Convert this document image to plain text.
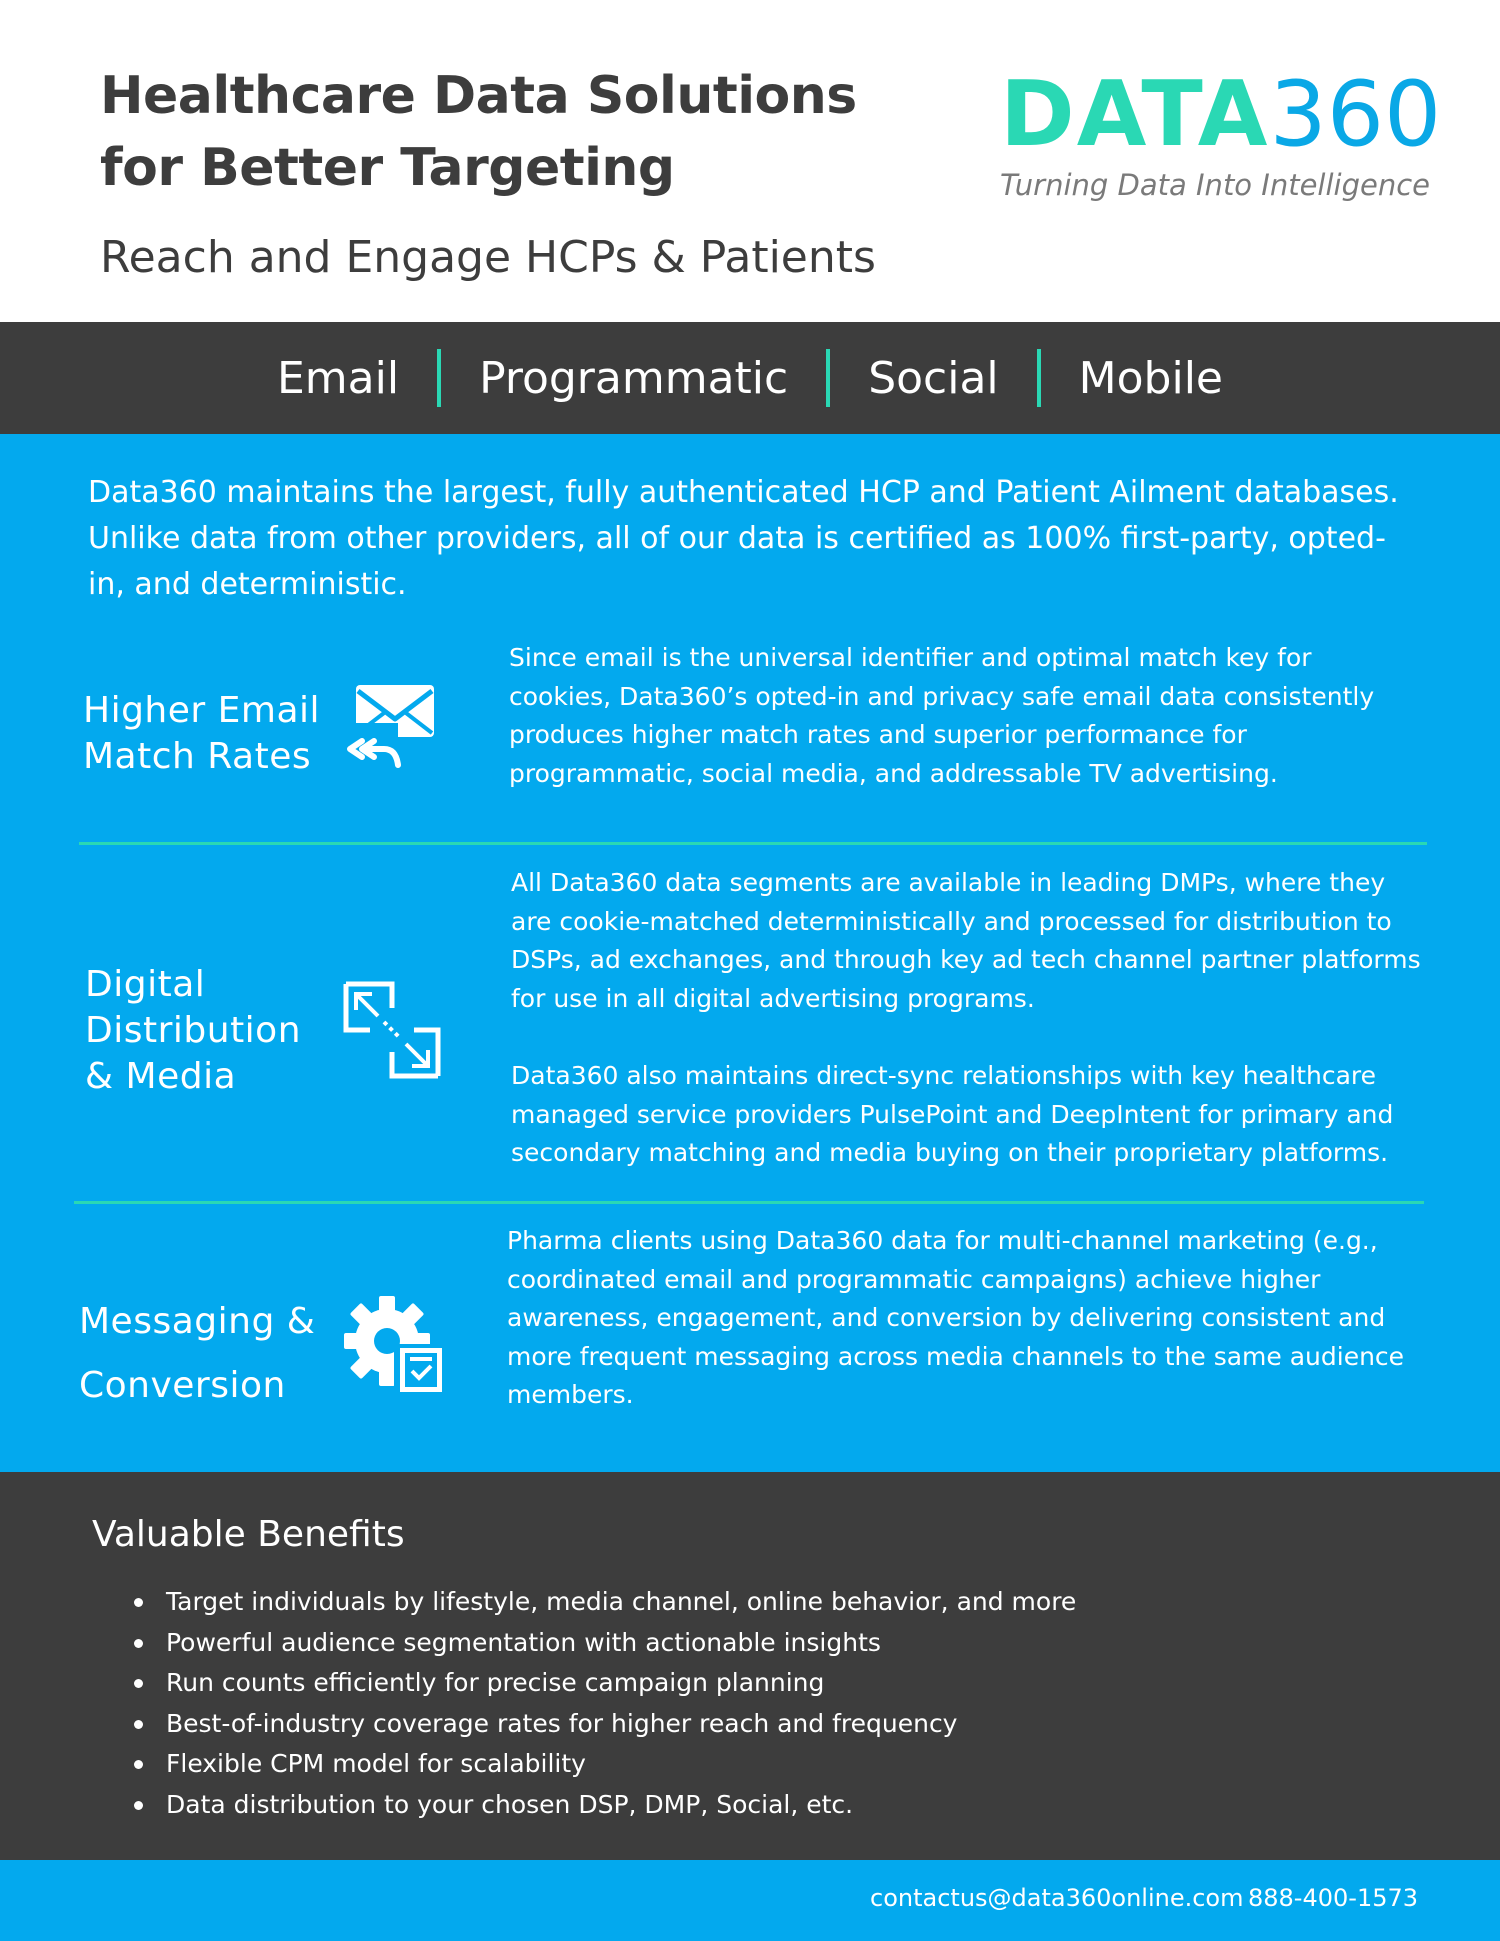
Healthcare Data Solutions
for Better Targeting
Reach and Engage HCPs & Patients
DATA360
Turning Data Into Intelligence
Email	Programmatic	Social	Mobile

Data360 maintains the largest, fully authenticated HCP and Patient Ailment databases. Unlike data from other providers, all of our data is certified as 100% first-party, opted-in, and deterministic.

Higher Email
Match Rates

Since email is the universal identifier and optimal match key for cookies, Data360’s opted-in and privacy safe email data consistently produces higher match rates and superior performance for programmatic, social media, and addressable TV advertising.

Digital
Distribution
& Media

All Data360 data segments are available in leading DMPs, where they are cookie-matched deterministically and processed for distribution to DSPs, ad exchanges, and through key ad tech channel partner platforms for use in all digital advertising programs.

Data360 also maintains direct-sync relationships with key healthcare managed service providers PulsePoint and DeepIntent for primary and secondary matching and media buying on their proprietary platforms.

Messaging &
Conversion

Pharma clients using Data360 data for multi-channel marketing (e.g., coordinated email and programmatic campaigns) achieve higher awareness, engagement, and conversion by delivering consistent and more frequent messaging across media channels to the same audience members.

Valuable Benefits
Target individuals by lifestyle, media channel, online behavior, and more
Powerful audience segmentation with actionable insights
Run counts efficiently for precise campaign planning
Best-of-industry coverage rates for higher reach and frequency
Flexible CPM model for scalability
Data distribution to your chosen DSP, DMP, Social, etc.
contactus@data360online.com 888-400-1573
